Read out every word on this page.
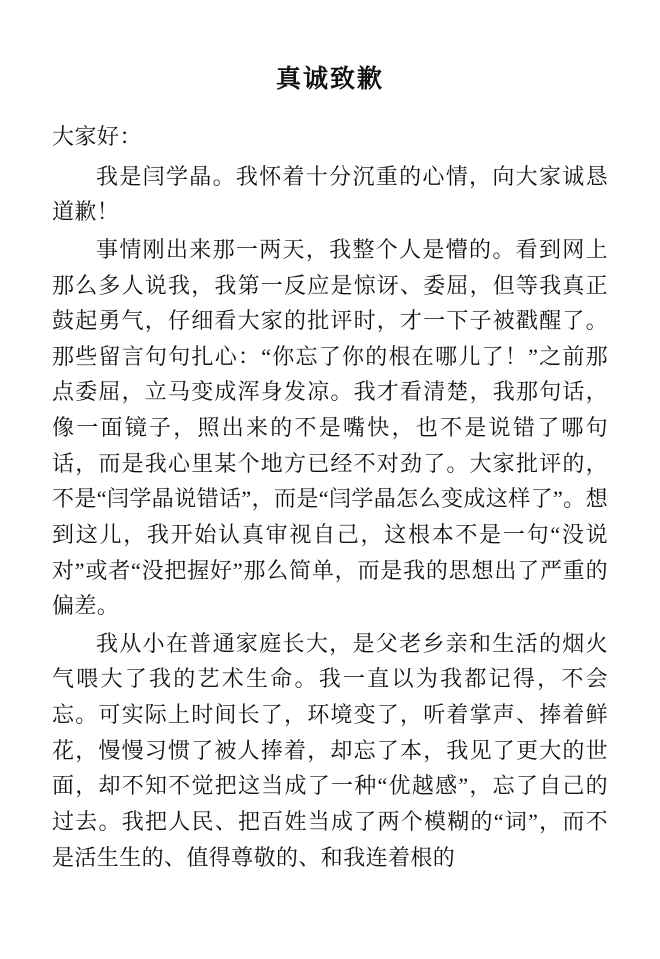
真诚致歉

大家好：

我是闫学晶。我怀着十分沉重的心情，向大家诚恳道歉！

事情刚出来那一两天，我整个人是懵的。看到网上那么多人说我，我第一反应是惊讶、委屈，但等我真正鼓起勇气，仔细看大家的批评时，才一下子被戳醒了。那些留言句句扎心：“你忘了你的根在哪儿了！”之前那点委屈，立马变成浑身发凉。我才看清楚，我那句话，像一面镜子，照出来的不是嘴快，也不是说错了哪句话，而是我心里某个地方已经不对劲了。大家批评的，不是“闫学晶说错话”，而是“闫学晶怎么变成这样了”。想到这儿，我开始认真审视自己，这根本不是一句“没说对”或者“没把握好”那么简单，而是我的思想出了严重的偏差。

我从小在普通家庭长大，是父老乡亲和生活的烟火气喂大了我的艺术生命。我一直以为我都记得，不会忘。可实际上时间长了，环境变了，听着掌声、捧着鲜花，慢慢习惯了被人捧着，却忘了本，我见了更大的世面，却不知不觉把这当成了一种“优越感”，忘了自己的过去。我把人民、把百姓当成了两个模糊的“词”，而不是活生生的、值得尊敬的、和我连着根的
